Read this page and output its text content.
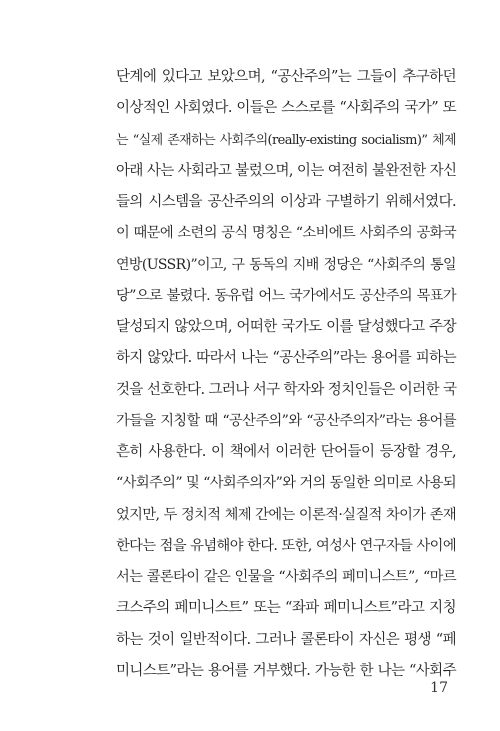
단계에 있다고 보았으며, “공산주의”는 그들이 추구하던
이상적인 사회였다. 이들은 스스로를 “사회주의 국가” 또
는 “실제 존재하는 사회주의(really-existing socialism)” 체제
아래 사는 사회라고 불렀으며, 이는 여전히 불완전한 자신
들의 시스템을 공산주의의 이상과 구별하기 위해서였다.
이 때문에 소련의 공식 명칭은 “소비에트 사회주의 공화국
연방(USSR)”이고, 구 동독의 지배 정당은 “사회주의 통일
당”으로 불렸다. 동유럽 어느 국가에서도 공산주의 목표가
달성되지 않았으며, 어떠한 국가도 이를 달성했다고 주장
하지 않았다. 따라서 나는 “공산주의”라는 용어를 피하는
것을 선호한다. 그러나 서구 학자와 정치인들은 이러한 국
가들을 지칭할 때 “공산주의”와 “공산주의자”라는 용어를
흔히 사용한다. 이 책에서 이러한 단어들이 등장할 경우,
“사회주의” 및 “사회주의자”와 거의 동일한 의미로 사용되
었지만, 두 정치적 체제 간에는 이론적·실질적 차이가 존재
한다는 점을 유념해야 한다. 또한, 여성사 연구자들 사이에
서는 콜론타이 같은 인물을 “사회주의 페미니스트”, “마르
크스주의 페미니스트” 또는 “좌파 페미니스트”라고 지칭
하는 것이 일반적이다. 그러나 콜론타이 자신은 평생 “페
미니스트”라는 용어를 거부했다. 가능한 한 나는 “사회주
17
